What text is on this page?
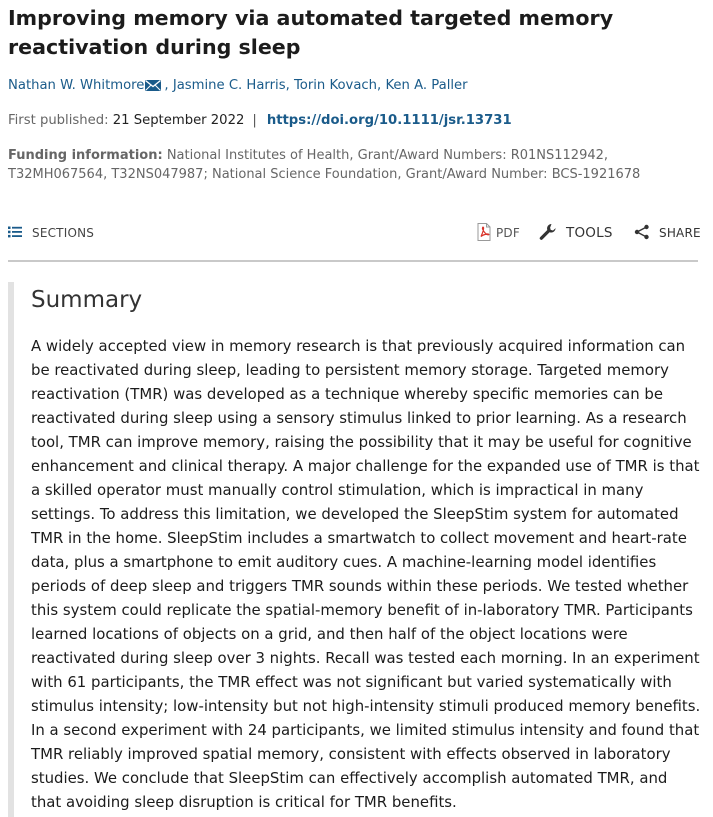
Improving memory via automated targeted memory reactivation during sleep
Nathan W. Whitmore , Jasmine C. Harris, Torin Kovach, Ken A. Paller
First published: 21 September 2022 | https://doi.org/10.1111/jsr.13731
Funding information: National Institutes of Health, Grant/Award Numbers: R01NS112942, T32MH067564, T32NS047987; National Science Foundation, Grant/Award Number: BCS-1921678
SECTIONS	PDF	TOOLS	SHARE
Summary

A widely accepted view in memory research is that previously acquired information can be reactivated during sleep, leading to persistent memory storage. Targeted memory reactivation (TMR) was developed as a technique whereby specific memories can be reactivated during sleep using a sensory stimulus linked to prior learning. As a research tool, TMR can improve memory, raising the possibility that it may be useful for cognitive enhancement and clinical therapy. A major challenge for the expanded use of TMR is that a skilled operator must manually control stimulation, which is impractical in many settings. To address this limitation, we developed the SleepStim system for automated TMR in the home. SleepStim includes a smartwatch to collect movement and heart-rate data, plus a smartphone to emit auditory cues. A machine-learning model identifies periods of deep sleep and triggers TMR sounds within these periods. We tested whether this system could replicate the spatial-memory benefit of in-laboratory TMR. Participants learned locations of objects on a grid, and then half of the object locations were reactivated during sleep over 3 nights. Recall was tested each morning. In an experiment with 61 participants, the TMR effect was not significant but varied systematically with stimulus intensity; low-intensity but not high-intensity stimuli produced memory benefits. In a second experiment with 24 participants, we limited stimulus intensity and found that TMR reliably improved spatial memory, consistent with effects observed in laboratory studies. We conclude that SleepStim can effectively accomplish automated TMR, and that avoiding sleep disruption is critical for TMR benefits.
